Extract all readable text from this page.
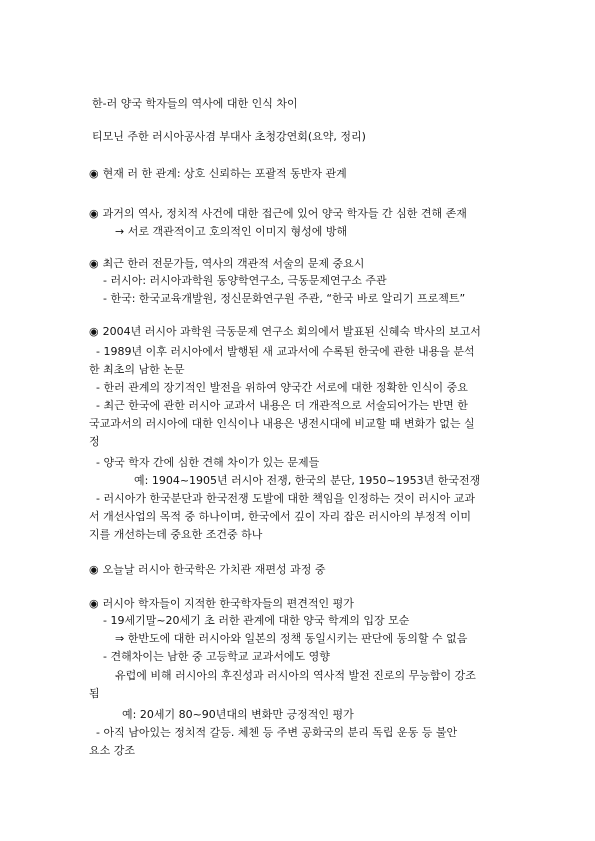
한-러 양국 학자들의 역사에 대한 인식 차이
티모닌 주한 러시아공사겸 부대사 초청강연회(요약, 정리)
◉ 현재 러 한 관계: 상호 신뢰하는 포괄적 동반자 관계
◉ 과거의 역사, 정치적 사건에 대한 접근에 있어 양국 학자들 간 심한 견해 존재
→ 서로 객관적이고 호의적인 이미지 형성에 방해
◉ 최근 한러 전문가들, 역사의 객관적 서술의 문제 중요시
- 러시아: 러시아과학원 동양학연구소, 극동문제연구소 주관
- 한국: 한국교육개발원, 정신문화연구원 주관, “한국 바로 알리기 프로젝트”
◉ 2004년 러시아 과학원 극동문제 연구소 회의에서 발표된 신혜숙 박사의 보고서
- 1989년 이후 러시아에서 발행된 새 교과서에 수록된 한국에 관한 내용을 분석
한 최초의 남한 논문
- 한러 관계의 장기적인 발전을 위하여 양국간 서로에 대한 정확한 인식이 중요
- 최근 한국에 관한 러시아 교과서 내용은 더 개관적으로 서술되어가는 반면 한
국교과서의 러시아에 대한 인식이나 내용은 냉전시대에 비교할 때 변화가 없는 실
정
- 양국 학자 간에 심한 견해 차이가 있는 문제들
예: 1904~1905년 러시아 전쟁, 한국의 분단, 1950~1953년 한국전쟁
- 러시아가 한국분단과 한국전쟁 도발에 대한 책임을 인정하는 것이 러시아 교과
서 개선사업의 목적 중 하나이며, 한국에서 깊이 자리 잡은 러시아의 부정적 이미
지를 개선하는데 중요한 조건중 하나
◉ 오늘날 러시아 한국학은 가치관 재편성 과정 중
◉ 러시아 학자들이 지적한 한국학자들의 편견적인 평가
- 19세기말~20세기 초 러한 관계에 대한 양국 학계의 입장 모순
⇒ 한반도에 대한 러시아와 일본의 정책 동일시키는 판단에 동의할 수 없음
- 견해차이는 남한 중 고등학교 교과서에도 영향
유럽에 비해 러시아의 후진성과 러시아의 역사적 발전 진로의 무능함이 강조
됨
예: 20세기 80~90년대의 변화만 긍정적인 평가
- 아직 남아있는 정치적 갈등. 체첸 등 주변 공화국의 분리 독립 운동 등 불안
요소 강조
